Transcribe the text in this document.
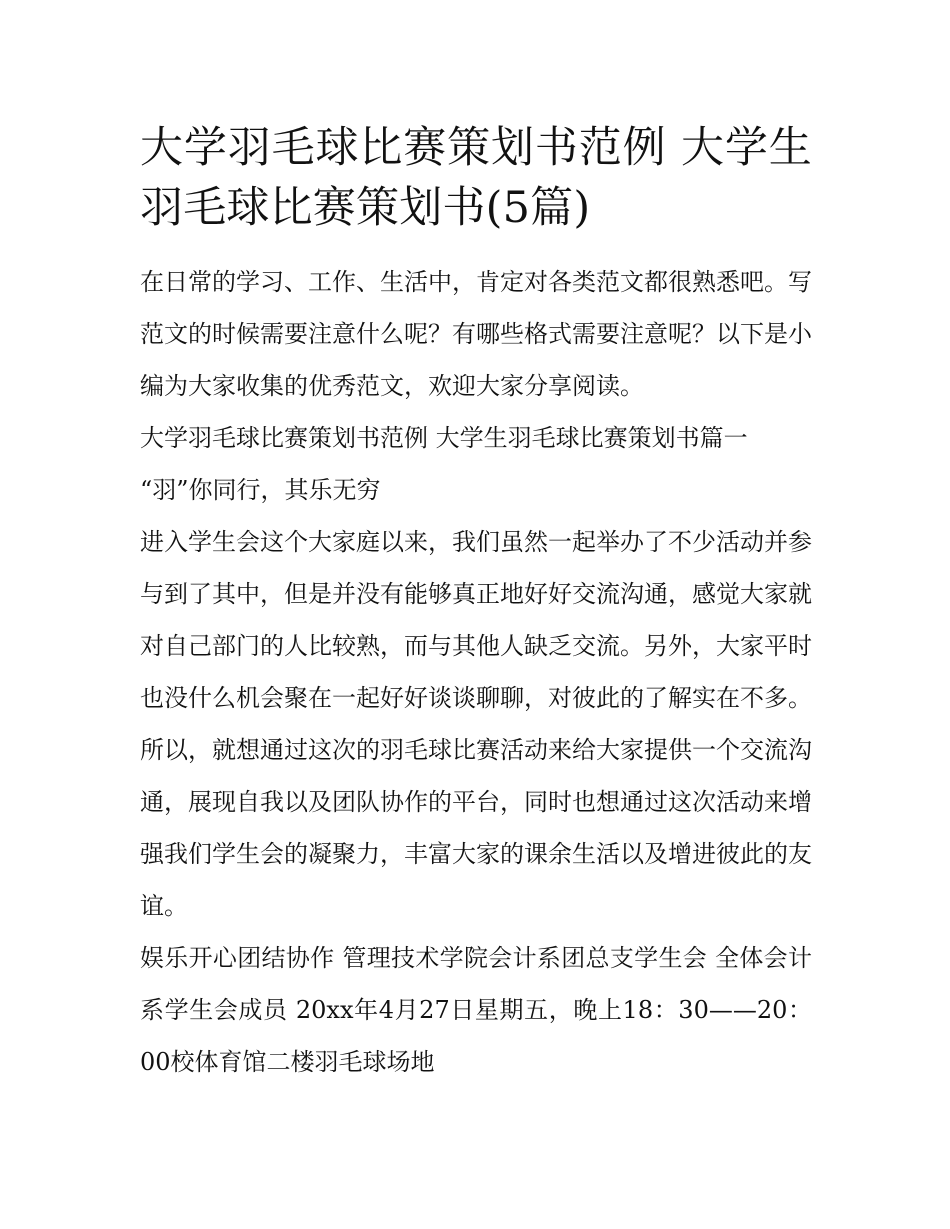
大学羽毛球比赛策划书范例 大学生羽毛球比赛策划书(5篇)

在日常的学习、工作、生活中，肯定对各类范文都很熟悉吧。写范文的时候需要注意什么呢？有哪些格式需要注意呢？以下是小编为大家收集的优秀范文，欢迎大家分享阅读。

大学羽毛球比赛策划书范例 大学生羽毛球比赛策划书篇一

“羽”你同行，其乐无穷

进入学生会这个大家庭以来，我们虽然一起举办了不少活动并参与到了其中，但是并没有能够真正地好好交流沟通，感觉大家就对自己部门的人比较熟，而与其他人缺乏交流。另外，大家平时也没什么机会聚在一起好好谈谈聊聊，对彼此的了解实在不多。所以，就想通过这次的羽毛球比赛活动来给大家提供一个交流沟通，展现自我以及团队协作的平台，同时也想通过这次活动来增强我们学生会的凝聚力，丰富大家的课余生活以及增进彼此的友谊。

娱乐开心团结协作 管理技术学院会计系团总支学生会 全体会计系学生会成员 20xx年4月27日星期五，晚上18：30——20：00校体育馆二楼羽毛球场地
